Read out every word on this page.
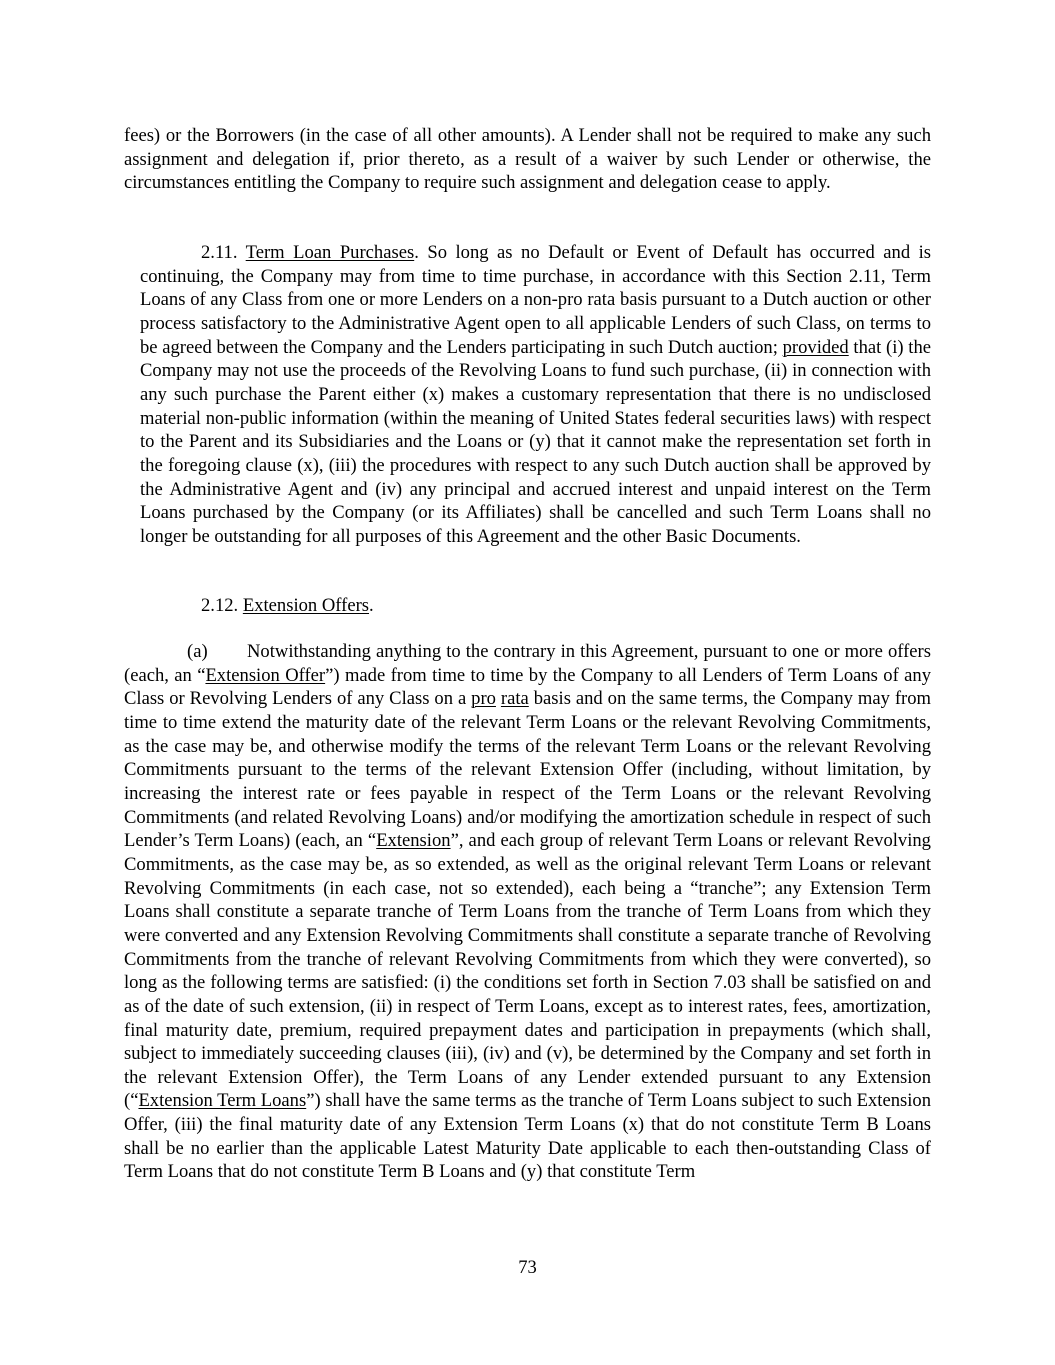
fees) or the Borrowers (in the case of all other amounts). A Lender shall not be required to make any such assignment and delegation if, prior thereto, as a result of a waiver by such Lender or otherwise, the circumstances entitling the Company to require such assignment and delegation cease to apply.

2.11. Term Loan Purchases. So long as no Default or Event of Default has occurred and is continuing, the Company may from time to time purchase, in accordance with this Section 2.11, Term Loans of any Class from one or more Lenders on a non-pro rata basis pursuant to a Dutch auction or other process satisfactory to the Administrative Agent open to all applicable Lenders of such Class, on terms to be agreed between the Company and the Lenders participating in such Dutch auction; provided that (i) the Company may not use the proceeds of the Revolving Loans to fund such purchase, (ii) in connection with any such purchase the Parent either (x) makes a customary representation that there is no undisclosed material non-public information (within the meaning of United States federal securities laws) with respect to the Parent and its Subsidiaries and the Loans or (y) that it cannot make the representation set forth in the foregoing clause (x), (iii) the procedures with respect to any such Dutch auction shall be approved by the Administrative Agent and (iv) any principal and accrued interest and unpaid interest on the Term Loans purchased by the Company (or its Affiliates) shall be cancelled and such Term Loans shall no longer be outstanding for all purposes of this Agreement and the other Basic Documents.

2.12. Extension Offers.

(a) Notwithstanding anything to the contrary in this Agreement, pursuant to one or more offers (each, an “Extension Offer”) made from time to time by the Company to all Lenders of Term Loans of any Class or Revolving Lenders of any Class on a pro rata basis and on the same terms, the Company may from time to time extend the maturity date of the relevant Term Loans or the relevant Revolving Commitments, as the case may be, and otherwise modify the terms of the relevant Term Loans or the relevant Revolving Commitments pursuant to the terms of the relevant Extension Offer (including, without limitation, by increasing the interest rate or fees payable in respect of the Term Loans or the relevant Revolving Commitments (and related Revolving Loans) and/or modifying the amortization schedule in respect of such Lender’s Term Loans) (each, an “Extension”, and each group of relevant Term Loans or relevant Revolving Commitments, as the case may be, as so extended, as well as the original relevant Term Loans or relevant Revolving Commitments (in each case, not so extended), each being a “tranche”; any Extension Term Loans shall constitute a separate tranche of Term Loans from the tranche of Term Loans from which they were converted and any Extension Revolving Commitments shall constitute a separate tranche of Revolving Commitments from the tranche of relevant Revolving Commitments from which they were converted), so long as the following terms are satisfied: (i) the conditions set forth in Section 7.03 shall be satisfied on and as of the date of such extension, (ii) in respect of Term Loans, except as to interest rates, fees, amortization, final maturity date, premium, required prepayment dates and participation in prepayments (which shall, subject to immediately succeeding clauses (iii), (iv) and (v), be determined by the Company and set forth in the relevant Extension Offer), the Term Loans of any Lender extended pursuant to any Extension (“Extension Term Loans”) shall have the same terms as the tranche of Term Loans subject to such Extension Offer, (iii) the final maturity date of any Extension Term Loans (x) that do not constitute Term B Loans shall be no earlier than the applicable Latest Maturity Date applicable to each then-outstanding Class of Term Loans that do not constitute Term B Loans and (y) that constitute Term

73
